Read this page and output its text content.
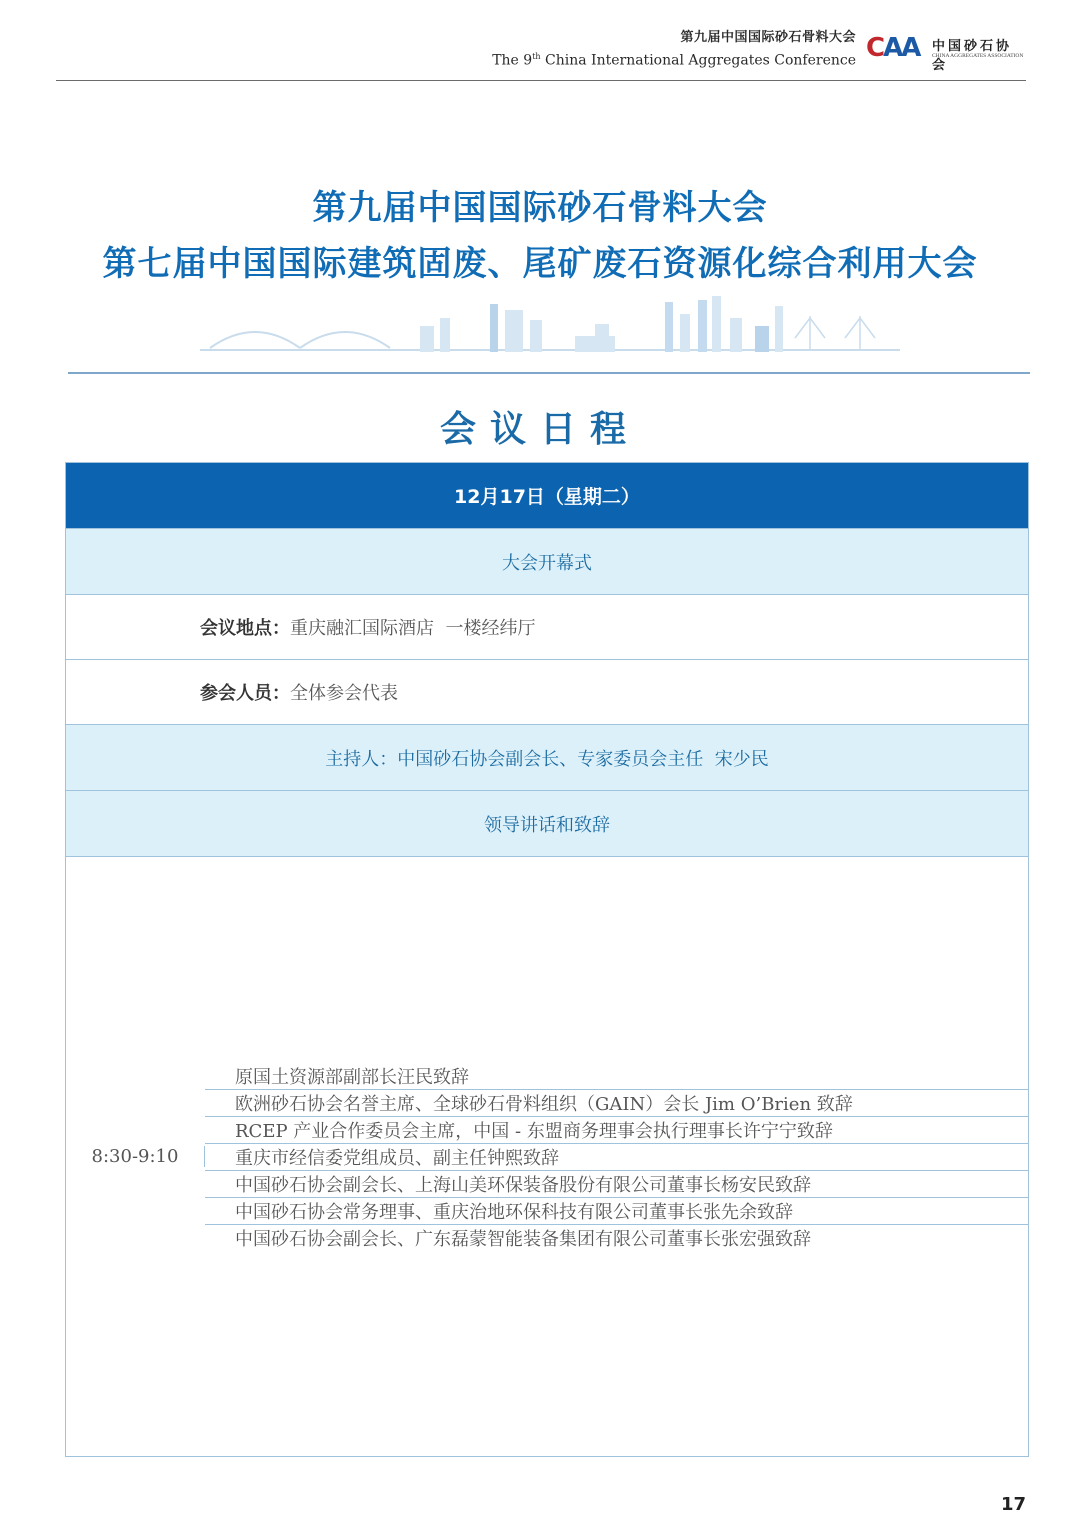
第九届中国国际砂石骨料大会
The 9th China International Aggregates Conference CAA 中国砂石协会
CHINA AGGREGATES ASSOCIATION
第九届中国国际砂石骨料大会
第七届中国国际建筑固废、尾矿废石资源化综合利用大会
会议日程
12月17日（星期二）
大会开幕式
会议地点： 重庆融汇国际酒店  一楼经纬厅
参会人员： 全体参会代表
主持人：中国砂石协会副会长、专家委员会主任  宋少民
领导讲话和致辞
8:30-9:10
原国土资源部副部长汪民致辞
欧洲砂石协会名誉主席、全球砂石骨料组织（GAIN）会长 Jim O’Brien 致辞
RCEP 产业合作委员会主席，中国 - 东盟商务理事会执行理事长许宁宁致辞
重庆市经信委党组成员、副主任钟熙致辞
中国砂石协会副会长、上海山美环保装备股份有限公司董事长杨安民致辞
中国砂石协会常务理事、重庆治地环保科技有限公司董事长张先余致辞
中国砂石协会副会长、广东磊蒙智能装备集团有限公司董事长张宏强致辞
17
